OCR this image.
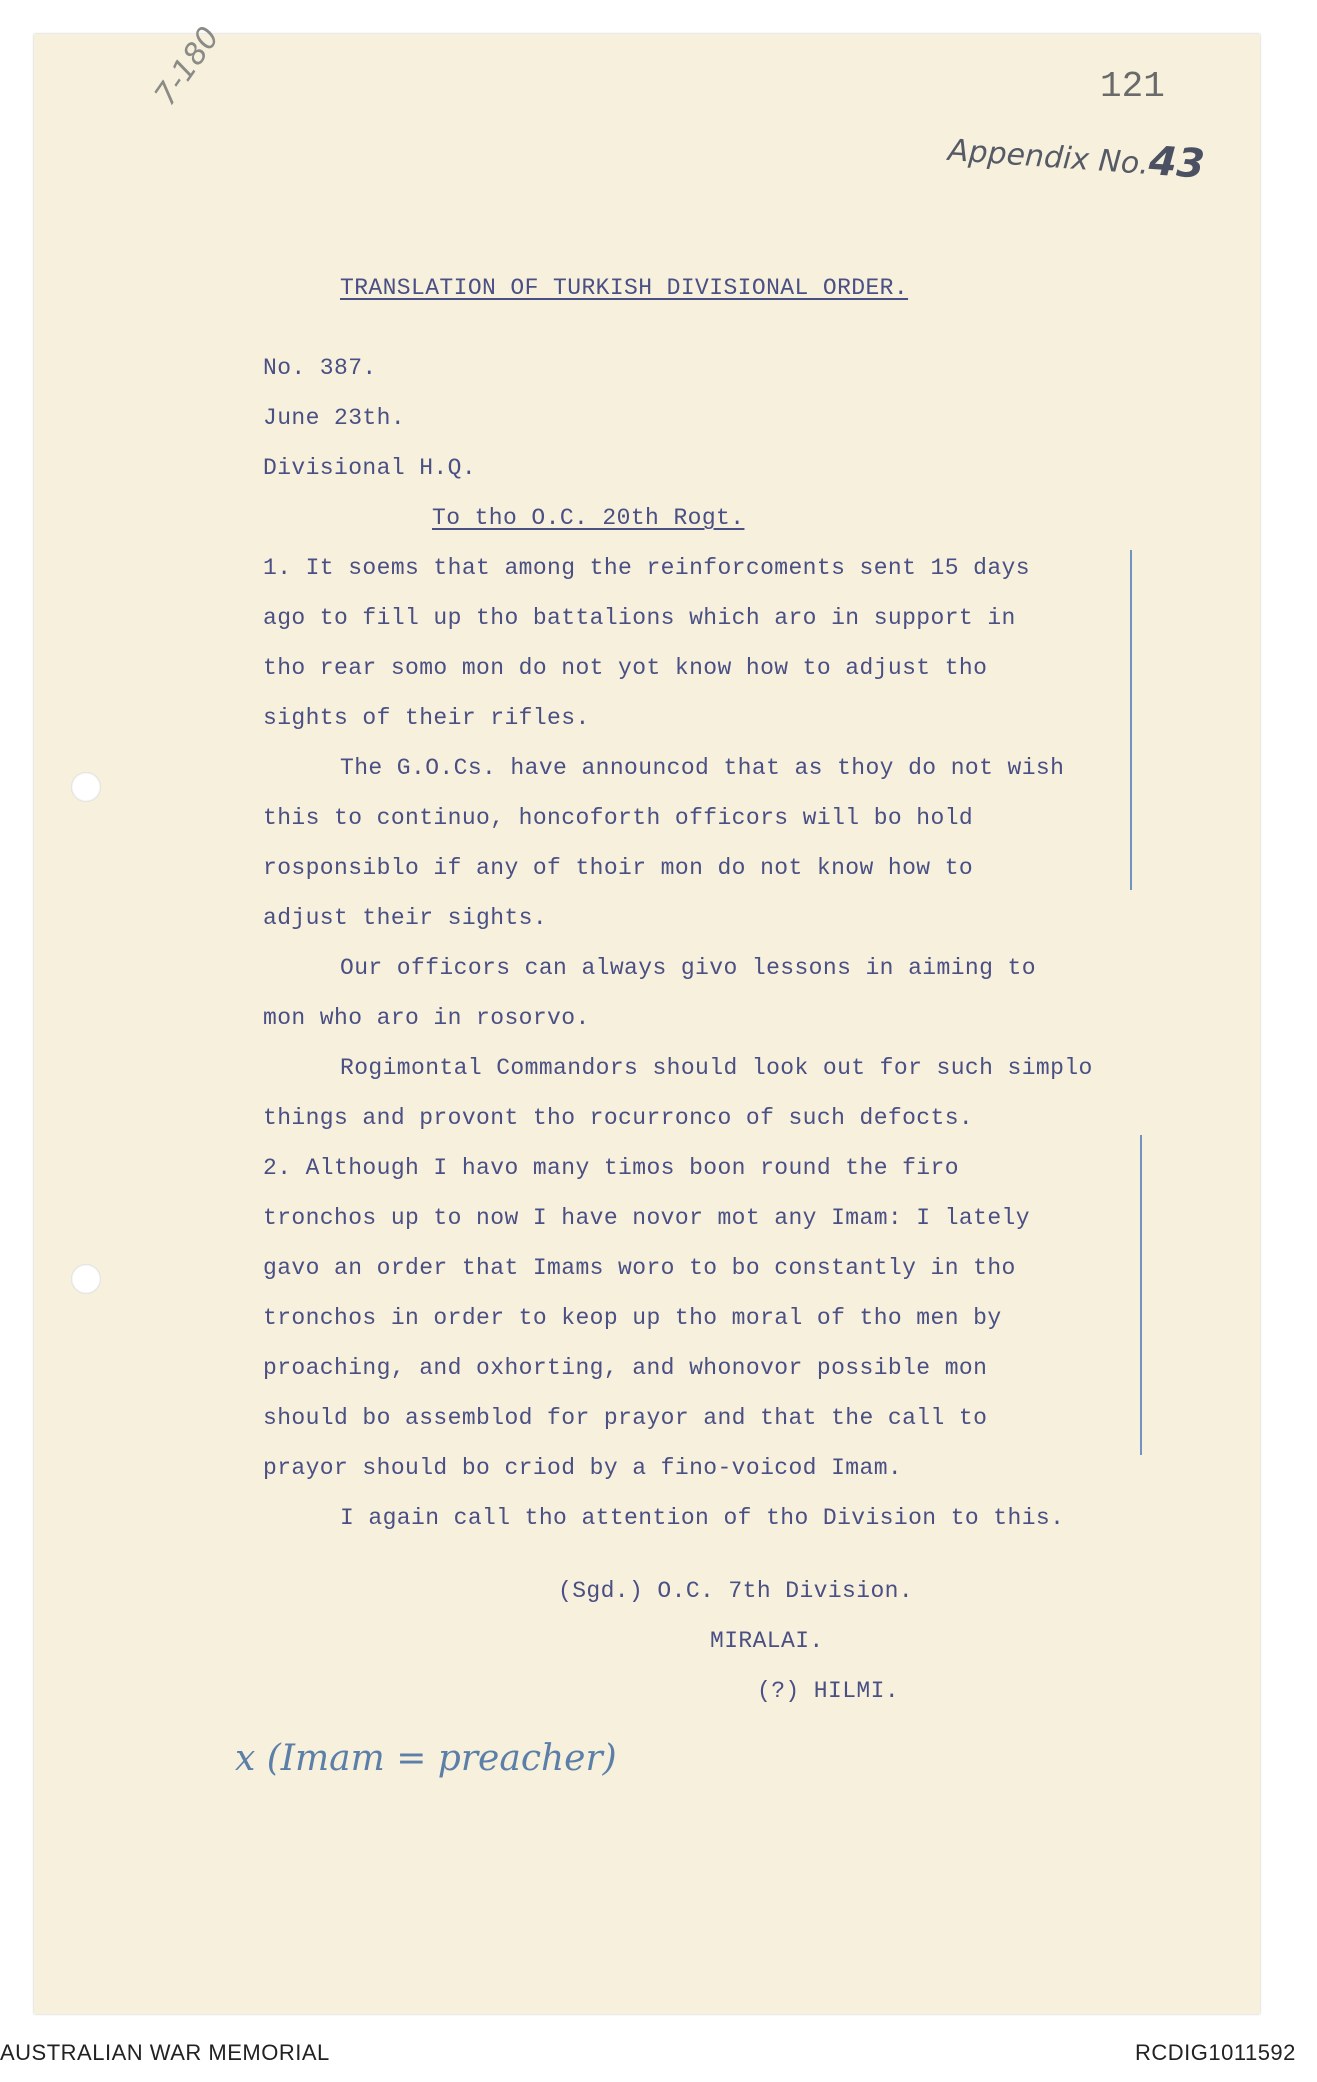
7-180	121
Appendix No.43
TRANSLATION OF TURKISH DIVISIONAL ORDER.
No. 387.
June 23th.
Divisional H.Q.
To tho O.C. 20th Rogt.
1. It soems that among the reinforcoments sent 15 days
ago to fill up tho battalions which aro in support in
tho rear somo mon do not yot know how to adjust tho
sights of their rifles.
The G.O.Cs. have announcod that as thoy do not wish
this to continuo, honcoforth officors will bo hold
rosponsiblo if any of thoir mon do not know how to
adjust their sights.
Our officors can always givo lessons in aiming to
mon who aro in rosorvo.
Rogimontal Commandors should look out for such simplo
things and provont tho rocurronco of such defocts.
2. Although I havo many timos boon round the firo
tronchos up to now I have novor mot any Imam: I lately
gavo an order that Imams woro to bo constantly in tho
tronchos in order to keop up tho moral of tho men by
proaching, and oxhorting, and whonovor possible mon
should bo assemblod for prayor and that the call to
prayor should bo criod by a fino-voicod Imam.
I again call tho attention of tho Division to this.
(Sgd.) O.C. 7th Division.
MIRALAI.
(?) HILMI.
x (Imam = preacher)
AUSTRALIAN WAR MEMORIAL	RCDIG1011592
